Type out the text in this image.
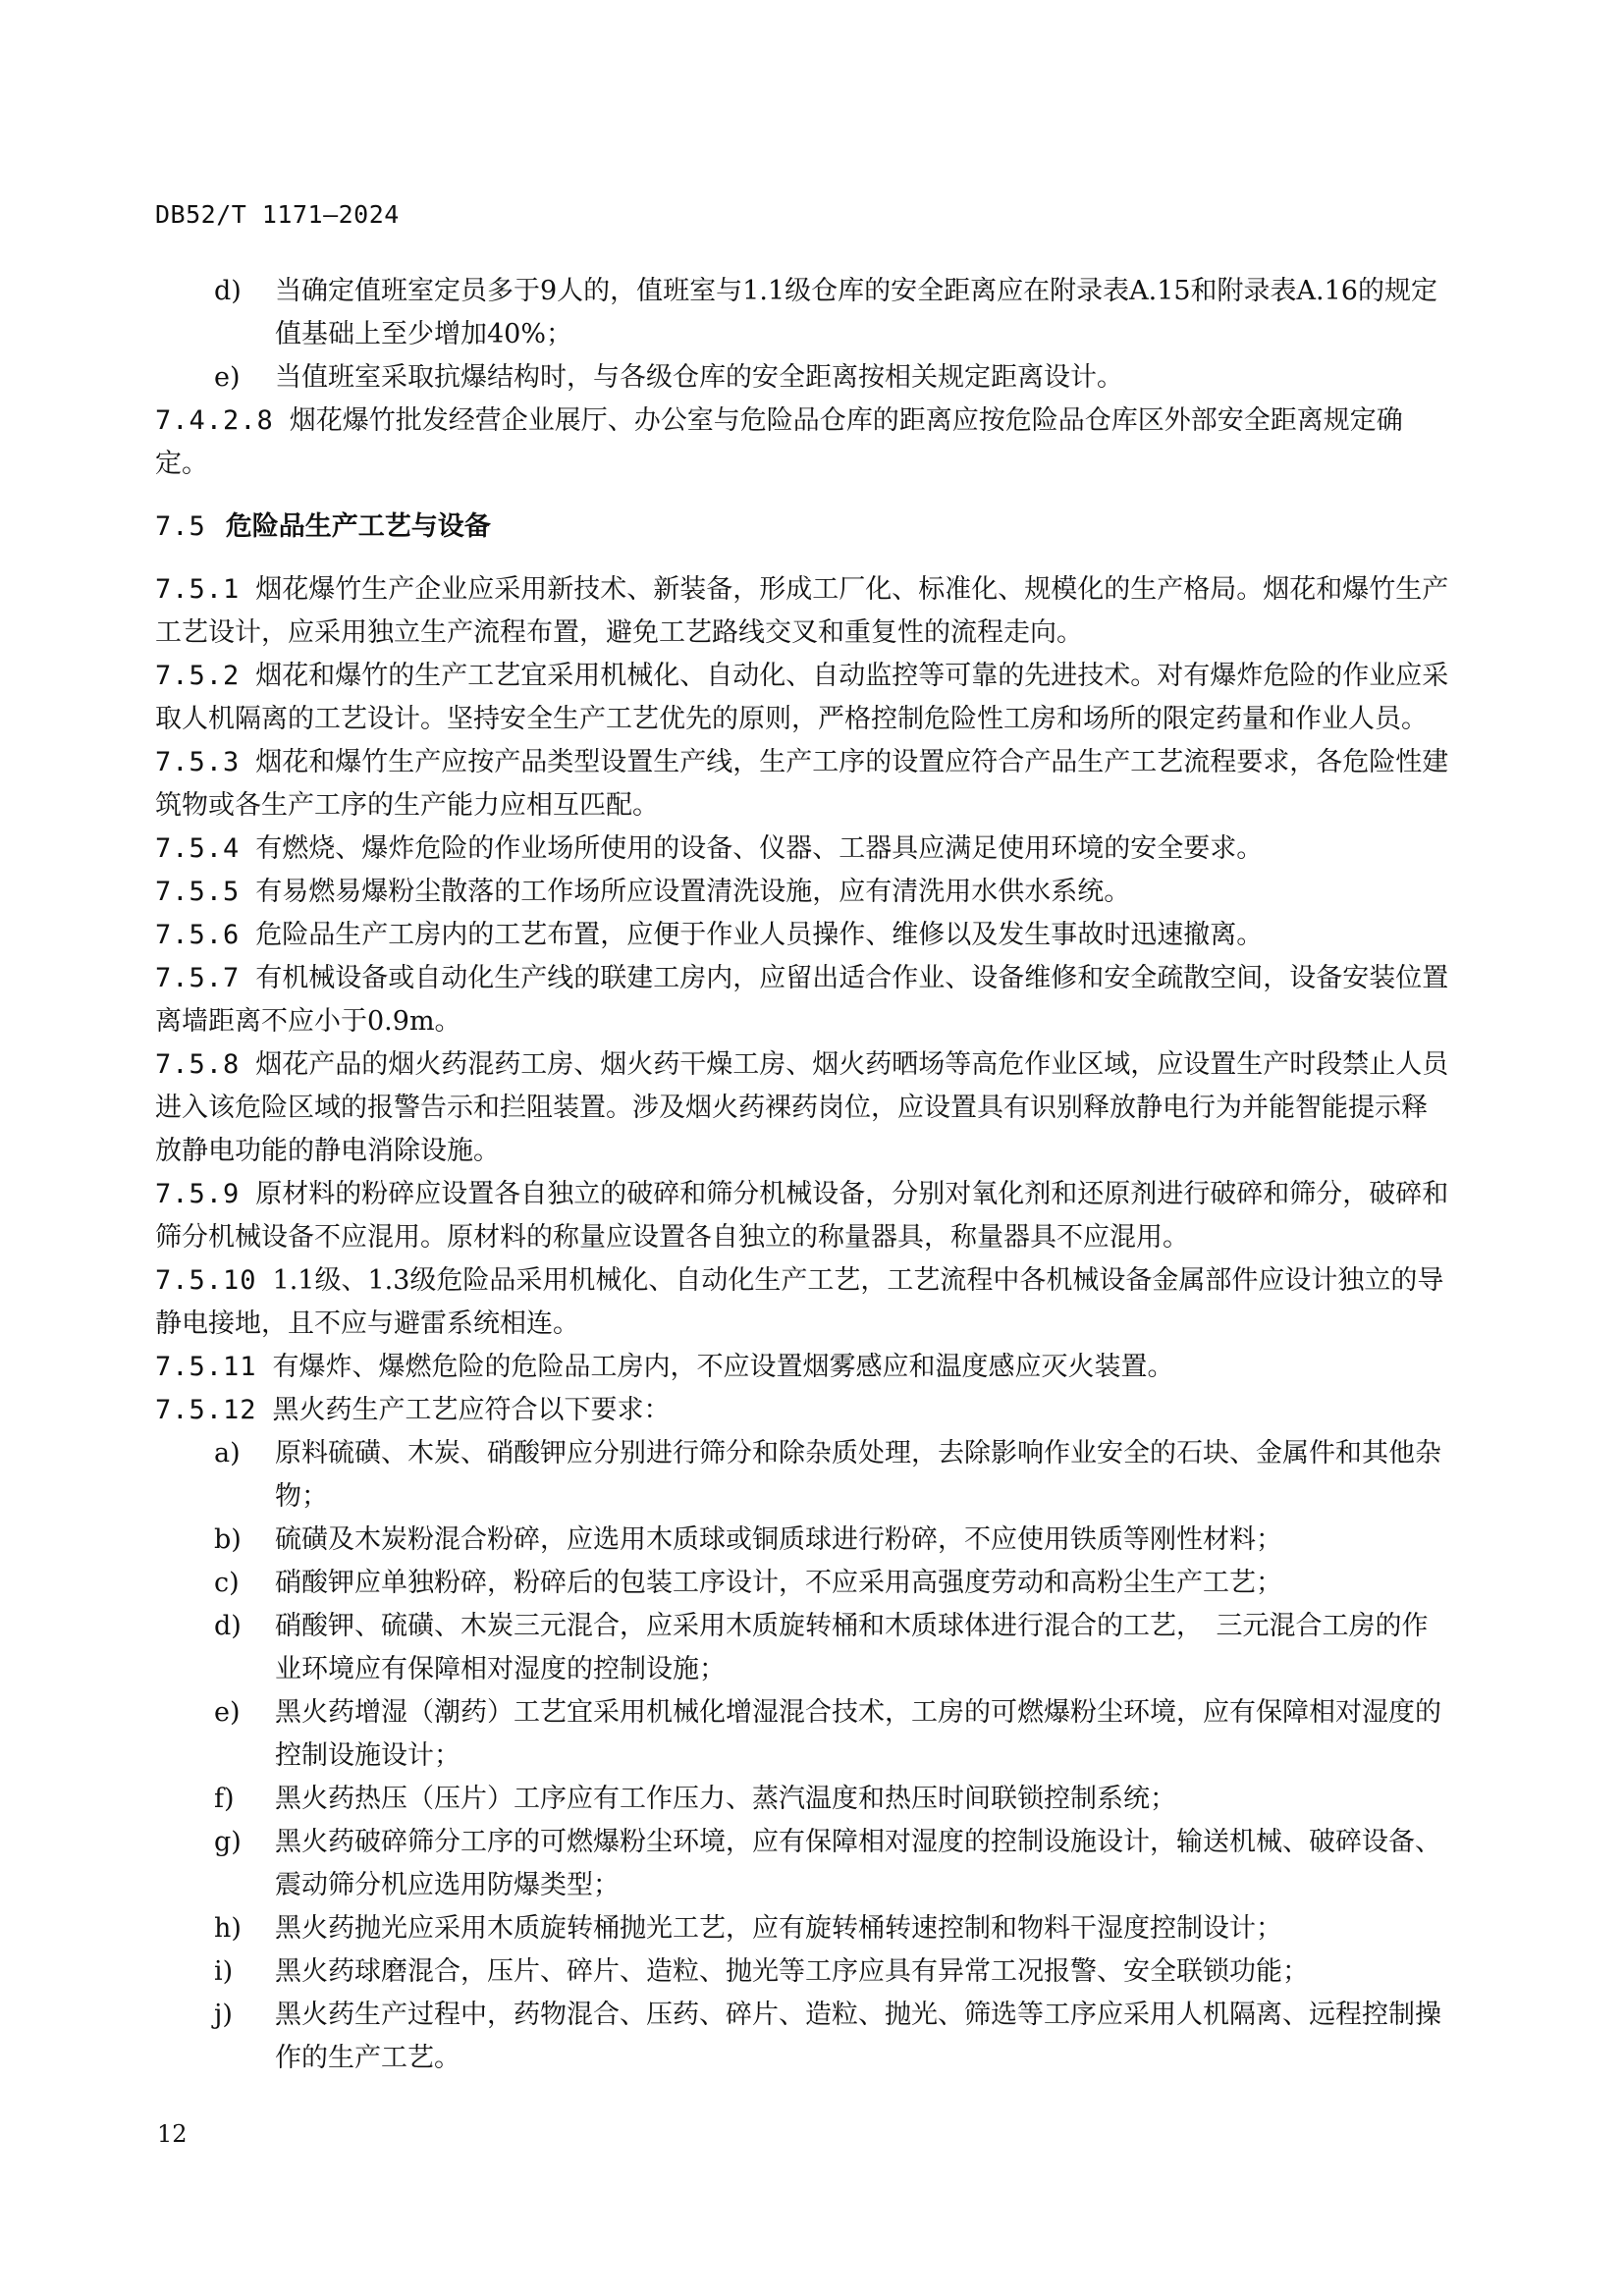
DB52/T 1171—2024

d) 当确定值班室定员多于9人的，值班室与1.1级仓库的安全距离应在附录表A.15和附录表A.16的规定值基础上至少增加40%；

e) 当值班室采取抗爆结构时，与各级仓库的安全距离按相关规定距离设计。

7.4.2.8 烟花爆竹批发经营企业展厅、办公室与危险品仓库的距离应按危险品仓库区外部安全距离规定确定。

7.5 危险品生产工艺与设备

7.5.1 烟花爆竹生产企业应采用新技术、新装备，形成工厂化、标准化、规模化的生产格局。烟花和爆竹生产工艺设计，应采用独立生产流程布置，避免工艺路线交叉和重复性的流程走向。

7.5.2 烟花和爆竹的生产工艺宜采用机械化、自动化、自动监控等可靠的先进技术。对有爆炸危险的作业应采取人机隔离的工艺设计。坚持安全生产工艺优先的原则，严格控制危险性工房和场所的限定药量和作业人员。

7.5.3 烟花和爆竹生产应按产品类型设置生产线，生产工序的设置应符合产品生产工艺流程要求，各危险性建筑物或各生产工序的生产能力应相互匹配。

7.5.4 有燃烧、爆炸危险的作业场所使用的设备、仪器、工器具应满足使用环境的安全要求。

7.5.5 有易燃易爆粉尘散落的工作场所应设置清洗设施，应有清洗用水供水系统。

7.5.6 危险品生产工房内的工艺布置，应便于作业人员操作、维修以及发生事故时迅速撤离。

7.5.7 有机械设备或自动化生产线的联建工房内，应留出适合作业、设备维修和安全疏散空间，设备安装位置离墙距离不应小于0.9m。

7.5.8 烟花产品的烟火药混药工房、烟火药干燥工房、烟火药晒场等高危作业区域，应设置生产时段禁止人员进入该危险区域的报警告示和拦阻装置。涉及烟火药裸药岗位，应设置具有识别释放静电行为并能智能提示释放静电功能的静电消除设施。

7.5.9 原材料的粉碎应设置各自独立的破碎和筛分机械设备，分别对氧化剂和还原剂进行破碎和筛分，破碎和筛分机械设备不应混用。原材料的称量应设置各自独立的称量器具，称量器具不应混用。

7.5.10 1.1级、1.3级危险品采用机械化、自动化生产工艺，工艺流程中各机械设备金属部件应设计独立的导静电接地，且不应与避雷系统相连。

7.5.11 有爆炸、爆燃危险的危险品工房内，不应设置烟雾感应和温度感应灭火装置。

7.5.12 黑火药生产工艺应符合以下要求：

a) 原料硫磺、木炭、硝酸钾应分别进行筛分和除杂质处理，去除影响作业安全的石块、金属件和其他杂物；

b) 硫磺及木炭粉混合粉碎，应选用木质球或铜质球进行粉碎，不应使用铁质等刚性材料；

c) 硝酸钾应单独粉碎，粉碎后的包装工序设计，不应采用高强度劳动和高粉尘生产工艺；

d) 硝酸钾、硫磺、木炭三元混合，应采用木质旋转桶和木质球体进行混合的工艺，　三元混合工房的作业环境应有保障相对湿度的控制设施；

e) 黑火药增湿（潮药）工艺宜采用机械化增湿混合技术，工房的可燃爆粉尘环境，应有保障相对湿度的控制设施设计；

f) 黑火药热压（压片）工序应有工作压力、蒸汽温度和热压时间联锁控制系统；

g) 黑火药破碎筛分工序的可燃爆粉尘环境，应有保障相对湿度的控制设施设计，输送机械、破碎设备、震动筛分机应选用防爆类型；

h) 黑火药抛光应采用木质旋转桶抛光工艺，应有旋转桶转速控制和物料干湿度控制设计；

i) 黑火药球磨混合，压片、碎片、造粒、抛光等工序应具有异常工况报警、安全联锁功能；

j) 黑火药生产过程中，药物混合、压药、碎片、造粒、抛光、筛选等工序应采用人机隔离、远程控制操作的生产工艺。

12
